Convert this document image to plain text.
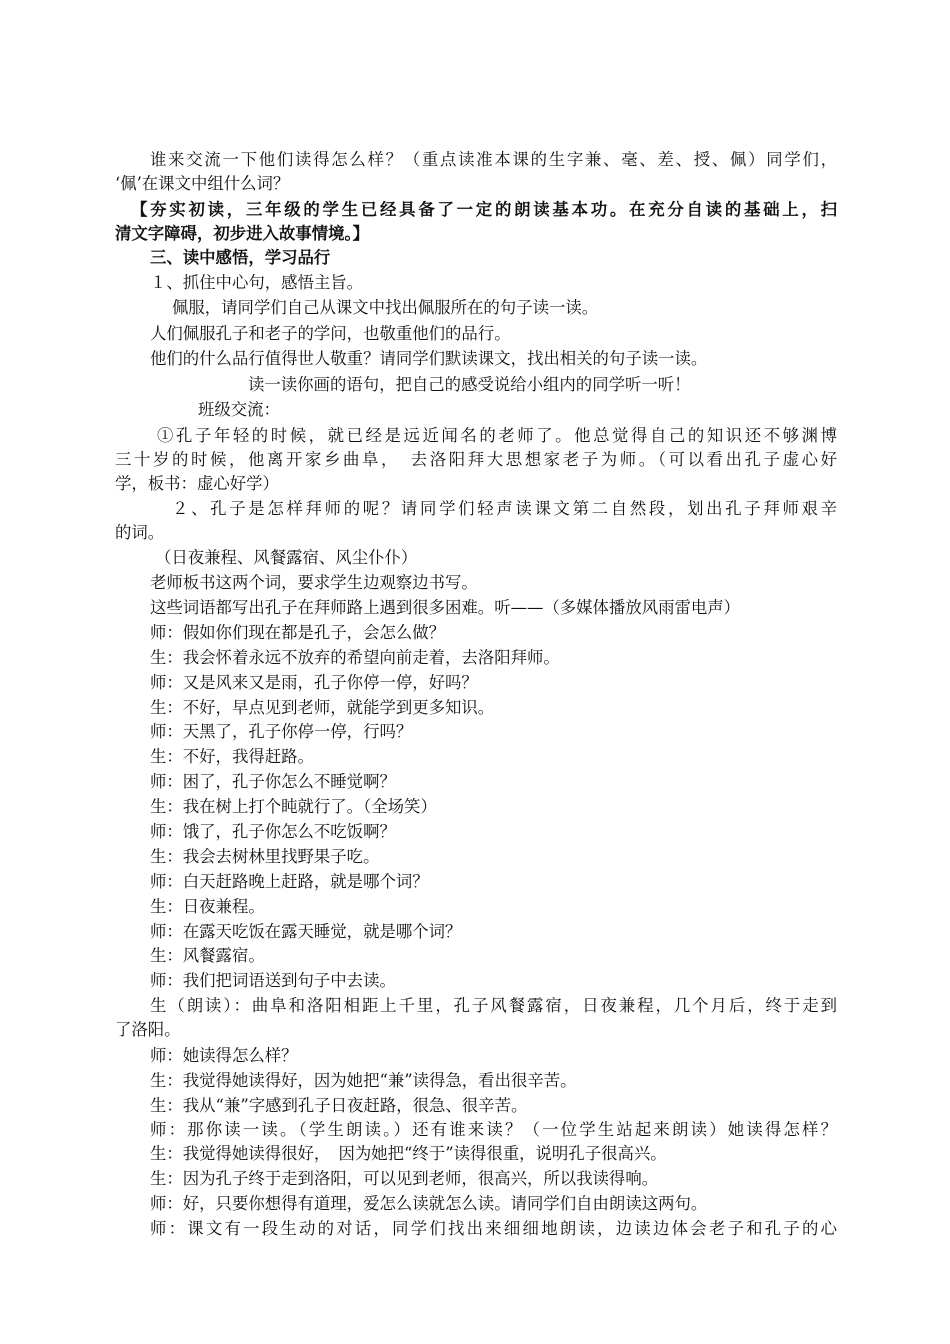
谁来交流一下他们读得怎么样？（重点读准本课的生字兼、毫、差、授、佩）同学们，
‘佩’在课文中组什么词？
【夯实初读，三年级的学生已经具备了一定的朗读基本功。在充分自读的基础上，扫
清文字障碍，初步进入故事情境。】
三、读中感悟，学习品行
１、抓住中心句，感悟主旨。
佩服，请同学们自己从课文中找出佩服所在的句子读一读。
人们佩服孔子和老子的学问，也敬重他们的品行。
他们的什么品行值得世人敬重？请同学们默读课文，找出相关的句子读一读。
读一读你画的语句，把自己的感受说给小组内的同学听一听！
班级交流：
①孔子年轻的时候，就已经是远近闻名的老师了。他总觉得自己的知识还不够渊博
三十岁的时候，他离开家乡曲阜，　去洛阳拜大思想家老子为师。（可以看出孔子虚心好
学，板书：虚心好学）
２、孔子是怎样拜师的呢？请同学们轻声读课文第二自然段，划出孔子拜师艰辛
的词。
（日夜兼程、风餐露宿、风尘仆仆）
老师板书这两个词，要求学生边观察边书写。
这些词语都写出孔子在拜师路上遇到很多困难。听——（多媒体播放风雨雷电声）
师：假如你们现在都是孔子，会怎么做？
生：我会怀着永远不放弃的希望向前走着，去洛阳拜师。
师：又是风来又是雨，孔子你停一停，好吗？
生：不好，早点见到老师，就能学到更多知识。
师：天黑了，孔子你停一停，行吗？
生：不好，我得赶路。
师：困了，孔子你怎么不睡觉啊？
生：我在树上打个盹就行了。（全场笑）
师：饿了，孔子你怎么不吃饭啊？
生：我会去树林里找野果子吃。
师：白天赶路晚上赶路，就是哪个词？
生：日夜兼程。
师：在露天吃饭在露天睡觉，就是哪个词？
生：风餐露宿。
师：我们把词语送到句子中去读。
生（朗读）：曲阜和洛阳相距上千里，孔子风餐露宿，日夜兼程，几个月后，终于走到
了洛阳。
师：她读得怎么样？
生：我觉得她读得好，因为她把“兼”读得急，看出很辛苦。
生：我从“兼”字感到孔子日夜赶路，很急、很辛苦。
师：那你读一读。（学生朗读。）还有谁来读？（一位学生站起来朗读）她读得怎样？
生：我觉得她读得很好，　因为她把“终于”读得很重，说明孔子很高兴。
生：因为孔子终于走到洛阳，可以见到老师，很高兴，所以我读得响。
师：好，只要你想得有道理，爱怎么读就怎么读。请同学们自由朗读这两句。
师：课文有一段生动的对话，同学们找出来细细地朗读，边读边体会老子和孔子的心
